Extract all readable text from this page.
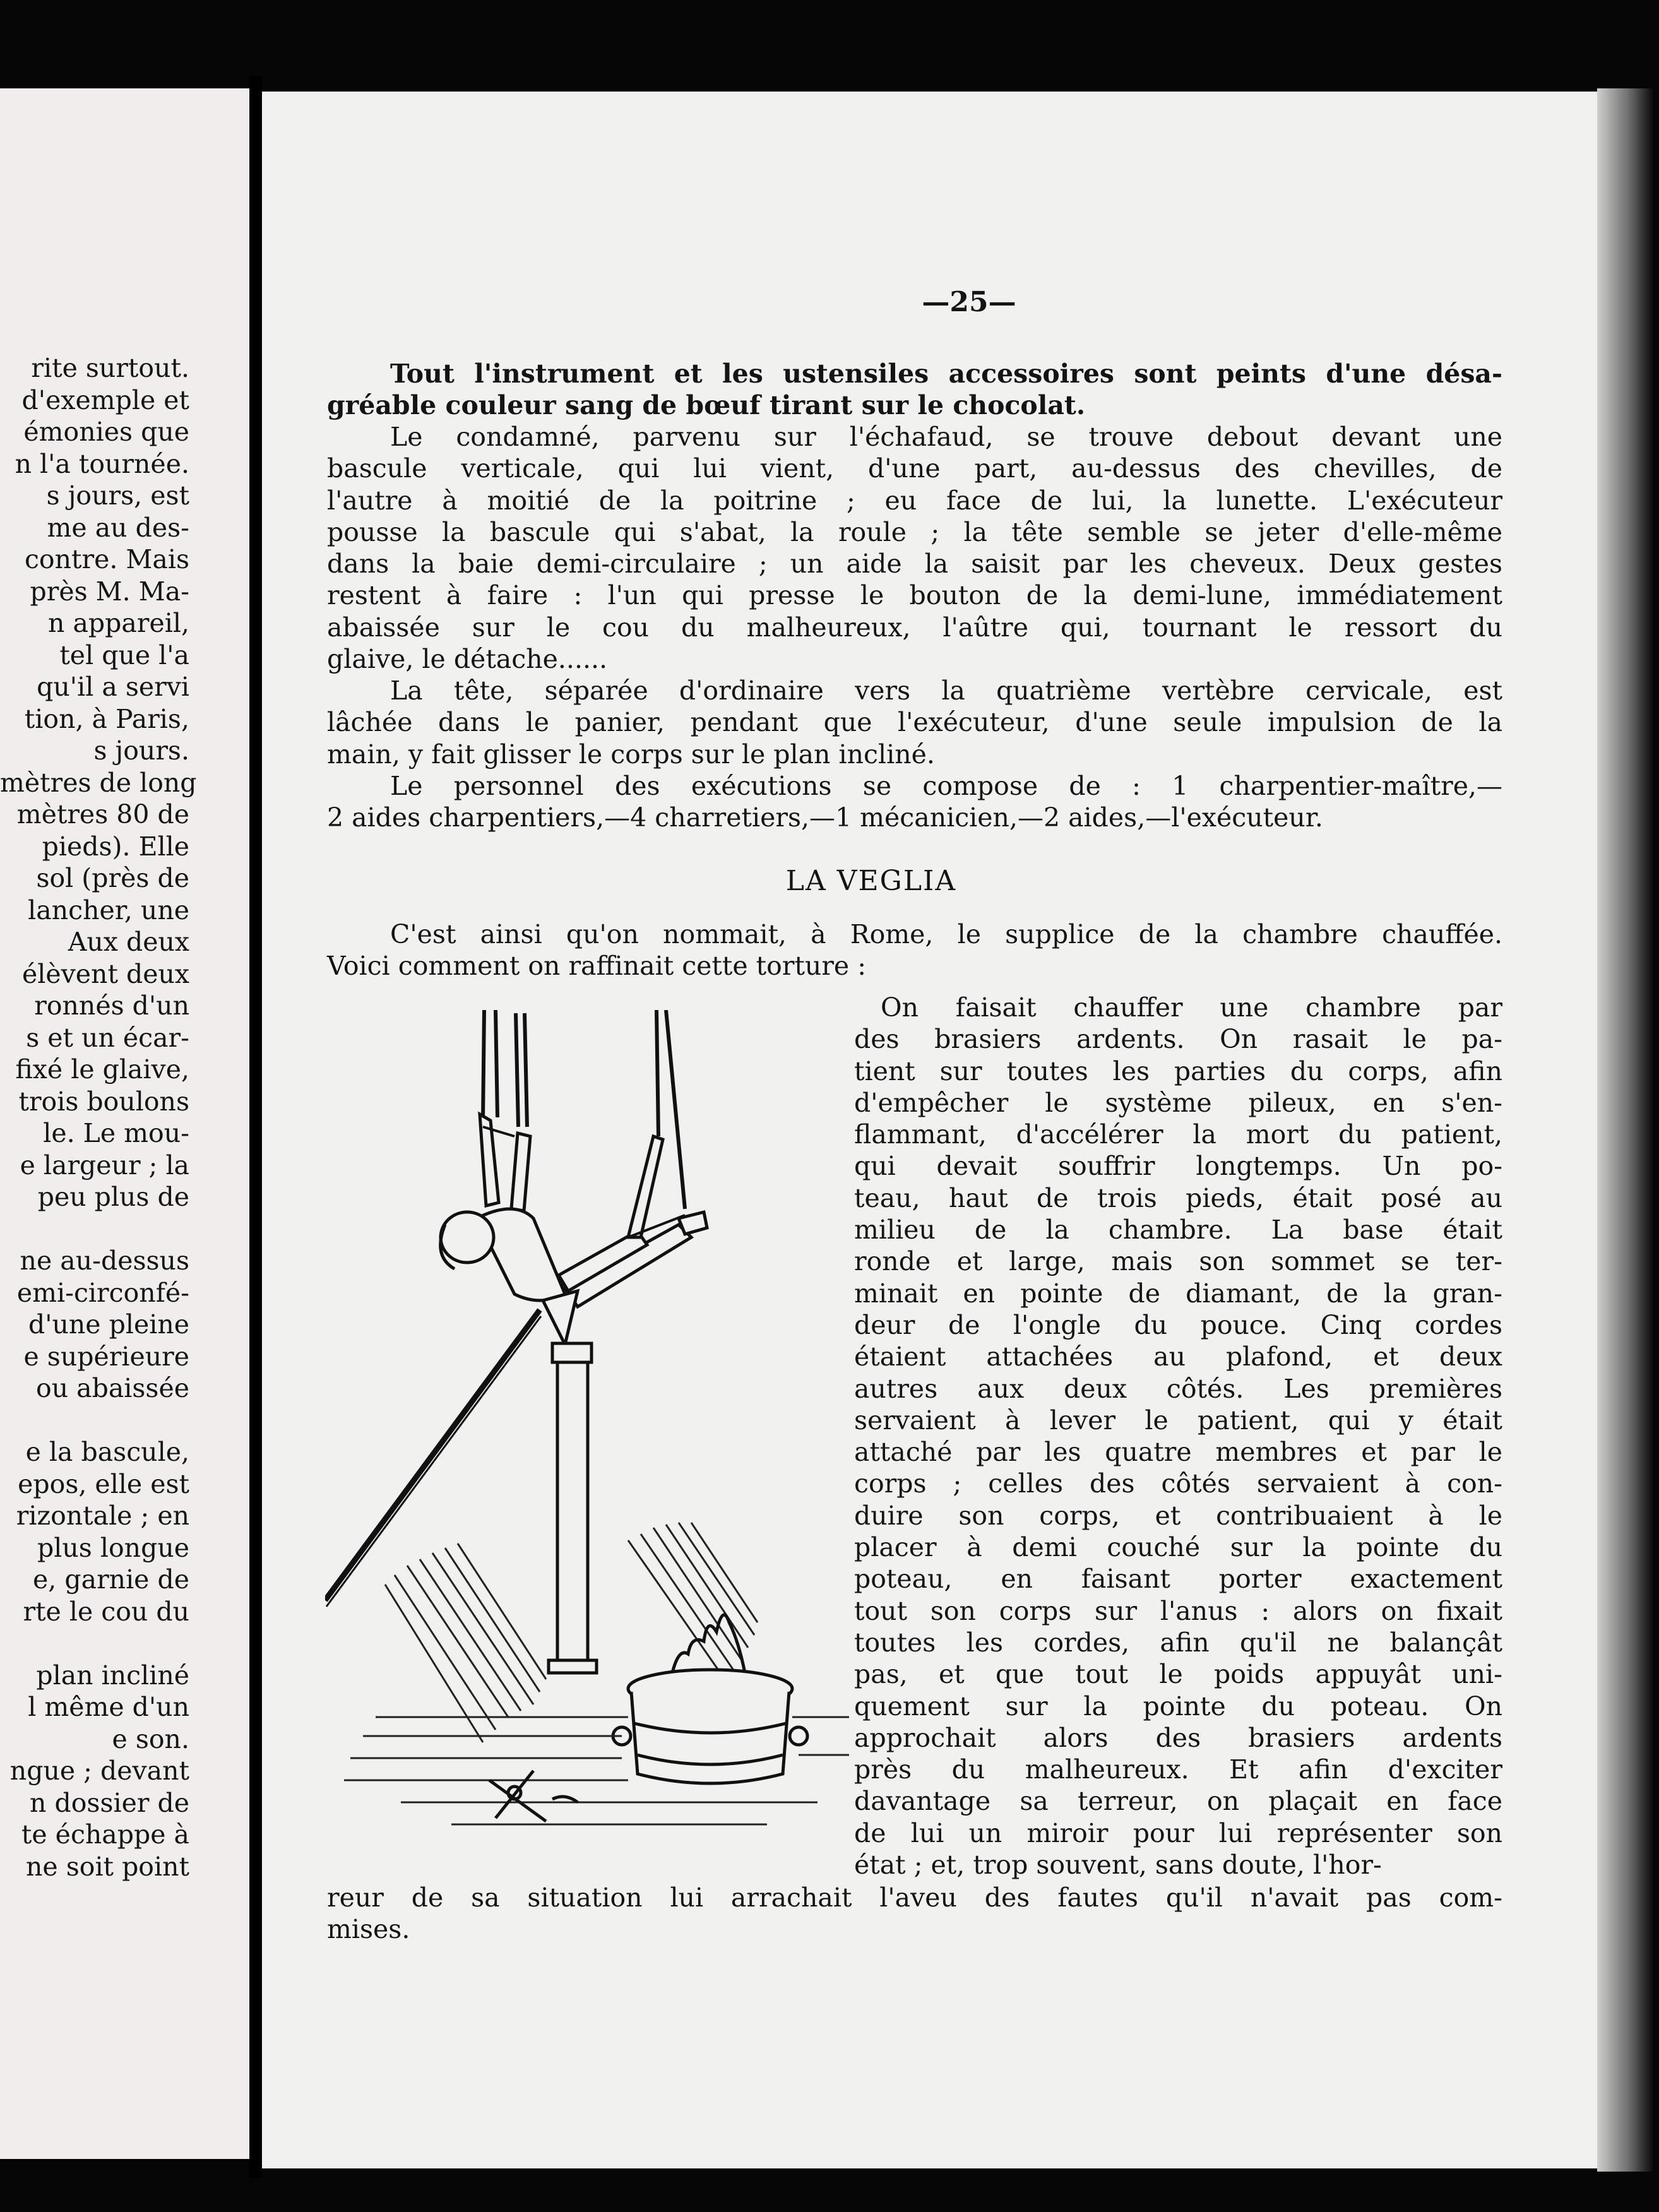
rite surtout.
d'exemple et
émonies que
n l'a tournée.
s jours, est
me au des-
contre. Mais
près M. Ma-
n appareil,
tel que l'a
qu'il a servi
tion, à Paris,
s jours.
mètres de long
mètres 80 de
pieds). Elle
sol (près de
lancher, une
Aux deux
élèvent deux
ronnés d'un
s et un écar-
fixé le glaive,
trois boulons
le. Le mou-
e largeur ; la
peu plus de
ne au-dessus
emi-circonfé-
d'une pleine
e supérieure
ou abaissée
e la bascule,
epos, elle est
rizontale ; en
plus longue
e, garnie de
rte le cou du
plan incliné
l même d'un
e son.
ngue ; devant
n dossier de
te échappe à
ne soit point
—25—
Tout l'instrument et les ustensiles accessoires sont peints d'une désa-
gréable couleur sang de bœuf tirant sur le chocolat.
Le condamné, parvenu sur l'échafaud, se trouve debout devant une
bascule verticale, qui lui vient, d'une part, au-dessus des chevilles, de
l'autre à moitié de la poitrine ; eu face de lui, la lunette. L'exécuteur
pousse la bascule qui s'abat, la roule ; la tête semble se jeter d'elle-même
dans la baie demi-circulaire ; un aide la saisit par les cheveux. Deux gestes
restent à faire : l'un qui presse le bouton de la demi-lune, immédiatement
abaissée sur le cou du malheureux, l'aûtre qui, tournant le ressort du
glaive, le détache......
La tête, séparée d'ordinaire vers la quatrième vertèbre cervicale, est
lâchée dans le panier, pendant que l'exécuteur, d'une seule impulsion de la
main, y fait glisser le corps sur le plan incliné.
Le personnel des exécutions se compose de : 1 charpentier-maître,—
2 aides charpentiers,—4 charretiers,—1 mécanicien,—2 aides,—l'exécuteur.
LA VEGLIA
C'est ainsi qu'on nommait, à Rome, le supplice de la chambre chauffée.
Voici comment on raffinait cette torture :
On faisait chauffer une chambre par
des brasiers ardents. On rasait le pa-
tient sur toutes les parties du corps, afin
d'empêcher le système pileux, en s'en-
flammant, d'accélérer la mort du patient,
qui devait souffrir longtemps. Un po-
teau, haut de trois pieds, était posé au
milieu de la chambre. La base était
ronde et large, mais son sommet se ter-
minait en pointe de diamant, de la gran-
deur de l'ongle du pouce. Cinq cordes
étaient attachées au plafond, et deux
autres aux deux côtés. Les premières
servaient à lever le patient, qui y était
attaché par les quatre membres et par le
corps ; celles des côtés servaient à con-
duire son corps, et contribuaient à le
placer à demi couché sur la pointe du
poteau, en faisant porter exactement
tout son corps sur l'anus : alors on fixait
toutes les cordes, afin qu'il ne balançât
pas, et que tout le poids appuyât uni-
quement sur la pointe du poteau. On
approchait alors des brasiers ardents
près du malheureux. Et afin d'exciter
davantage sa terreur, on plaçait en face
de lui un miroir pour lui représenter son
état ; et, trop souvent, sans doute, l'hor-
reur de sa situation lui arrachait l'aveu des fautes qu'il n'avait pas com-
mises.
